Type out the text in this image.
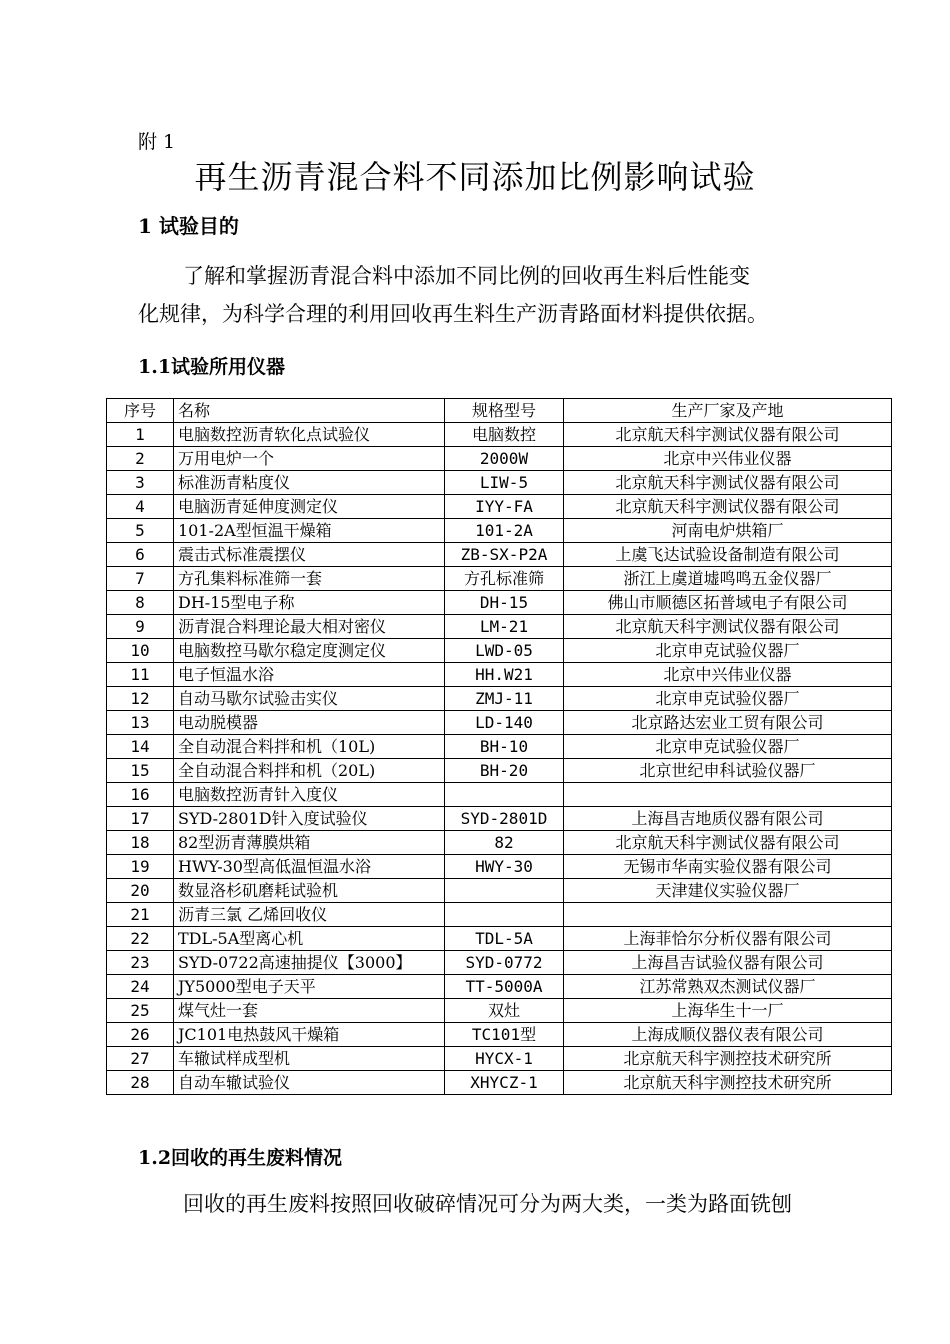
附 1
再生沥青混合料不同添加比例影响试验
1 试验目的
了解和掌握沥青混合料中添加不同比例的回收再生料后性能变
化规律，为科学合理的利用回收再生料生产沥青路面材料提供依据。
1.1试验所用仪器
序号	名称	规格型号	生产厂家及产地
1	电脑数控沥青软化点试验仪	电脑数控	北京航天科宇测试仪器有限公司
2	万用电炉一个	2000W	北京中兴伟业仪器
3	标准沥青粘度仪	LIW-5	北京航天科宇测试仪器有限公司
4	电脑沥青延伸度测定仪	IYY-FA	北京航天科宇测试仪器有限公司
5	101-2A型恒温干燥箱	101-2A	河南电炉烘箱厂
6	震击式标准震摆仪	ZB-SX-P2A	上虞飞达试验设备制造有限公司
7	方孔集料标准筛一套	方孔标准筛	浙江上虞道墟鸣鸣五金仪器厂
8	DH-15型电子称	DH-15	佛山市顺德区拓普域电子有限公司
9	沥青混合料理论最大相对密仪	LM-21	北京航天科宇测试仪器有限公司
10	电脑数控马歇尔稳定度测定仪	LWD-05	北京申克试验仪器厂
11	电子恒温水浴	HH.W21	北京中兴伟业仪器
12	自动马歇尔试验击实仪	ZMJ-11	北京申克试验仪器厂
13	电动脱模器	LD-140	北京路达宏业工贸有限公司
14	全自动混合料拌和机（10L)	BH-10	北京申克试验仪器厂
15	全自动混合料拌和机（20L)	BH-20	北京世纪申科试验仪器厂
16	电脑数控沥青针入度仪		
17	SYD-2801D针入度试验仪	SYD-2801D	上海昌吉地质仪器有限公司
18	82型沥青薄膜烘箱	82	北京航天科宇测试仪器有限公司
19	HWY-30型高低温恒温水浴	HWY-30	无锡市华南实验仪器有限公司
20	数显洛杉矶磨耗试验机		天津建仪实验仪器厂
21	沥青三氯 乙烯回收仪		
22	TDL-5A型离心机	TDL-5A	上海菲恰尔分析仪器有限公司
23	SYD-0722高速抽提仪【3000】	SYD-0772	上海昌吉试验仪器有限公司
24	JY5000型电子天平	TT-5000A	江苏常熟双杰测试仪器厂
25	煤气灶一套	双灶	上海华生十一厂
26	JC101电热鼓风干燥箱	TC101型	上海成顺仪器仪表有限公司
27	车辙试样成型机	HYCX-1	北京航天科宇测控技术研究所
28	自动车辙试验仪	XHYCZ-1	北京航天科宇测控技术研究所
1.2回收的再生废料情况
回收的再生废料按照回收破碎情况可分为两大类，一类为路面铣刨
